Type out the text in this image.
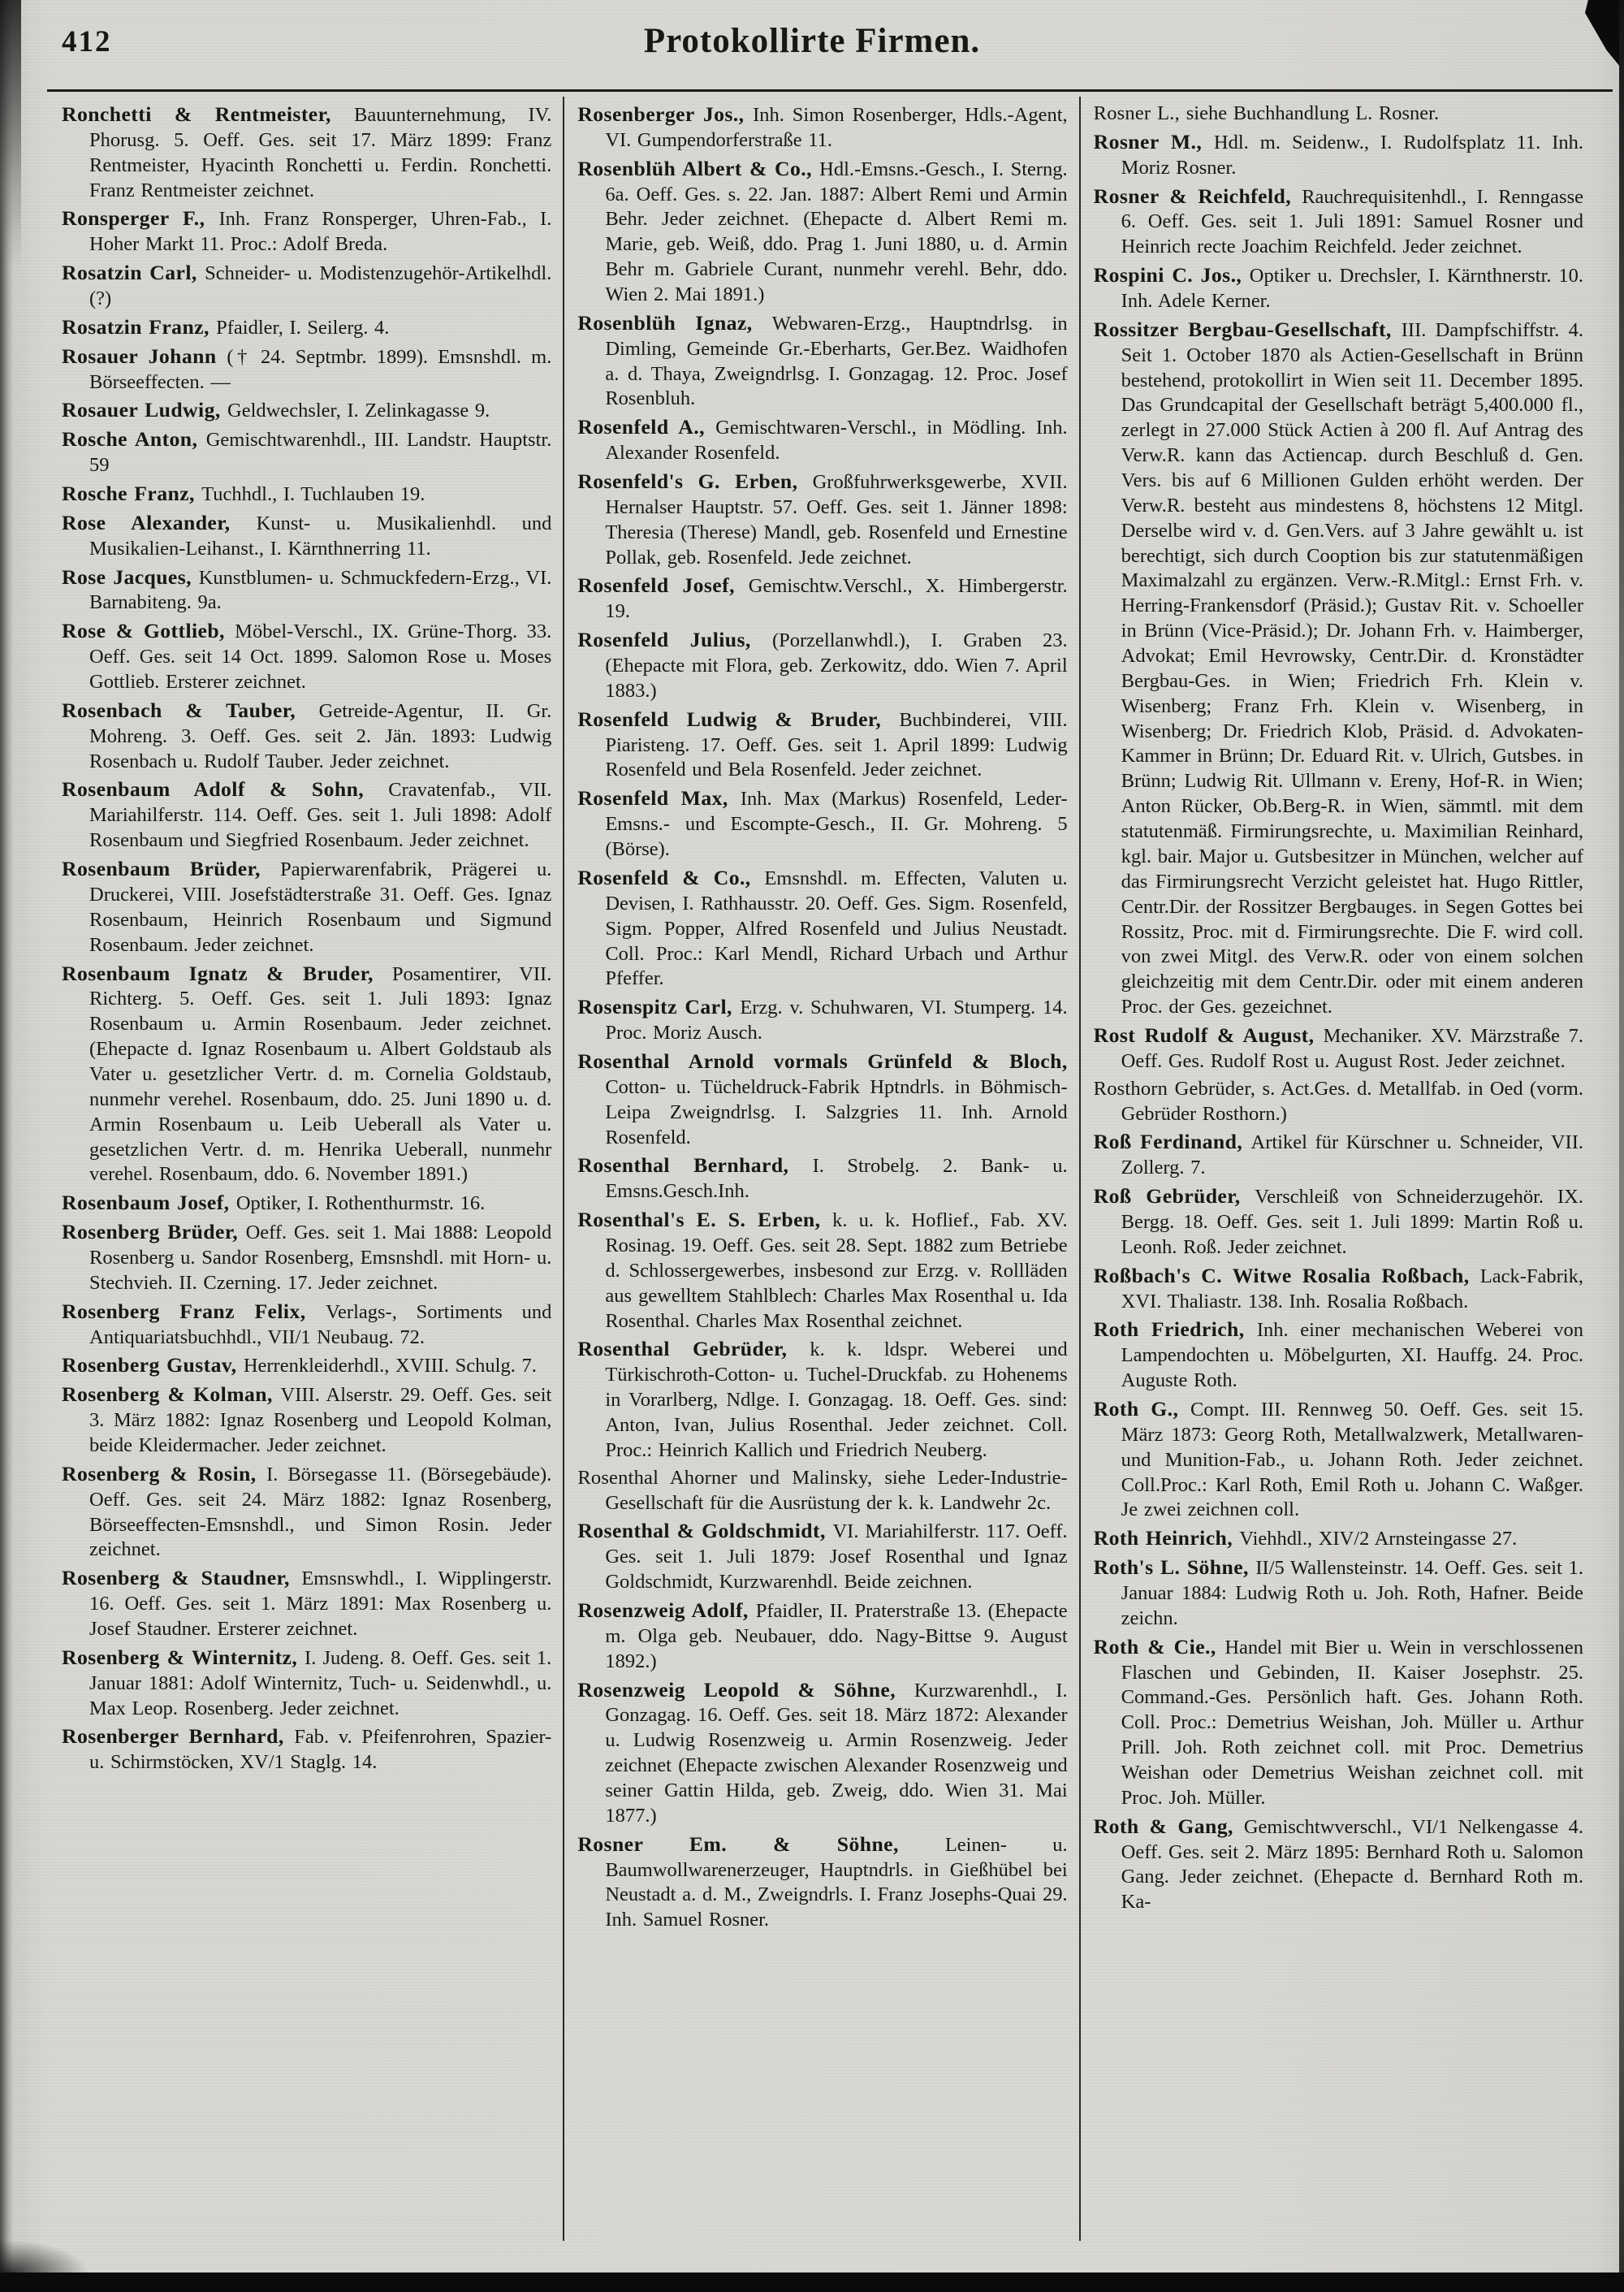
412	Protokollirte Firmen.

Ronchetti & Rentmeister, Bauunternehmung, IV. Phorusg. 5. Oeff. Ges. seit 17. März 1899: Franz Rentmeister, Hyacinth Ronchetti u. Ferdin. Ronchetti. Franz Rentmeister zeichnet.

Ronsperger F., Inh. Franz Ronsperger, Uhren-Fab., I. Hoher Markt 11. Proc.: Adolf Breda.

Rosatzin Carl, Schneider- u. Modistenzugehör-Artikelhdl. (?)

Rosatzin Franz, Pfaidler, I. Seilerg. 4.

Rosauer Johann († 24. Septmbr. 1899). Emsnshdl. m. Börseeffecten. —

Rosauer Ludwig, Geldwechsler, I. Zelinkagasse 9.

Rosche Anton, Gemischtwarenhdl., III. Landstr. Hauptstr. 59

Rosche Franz, Tuchhdl., I. Tuchlauben 19.

Rose Alexander, Kunst- u. Musikalienhdl. und Musikalien-Leihanst., I. Kärnthnerring 11.

Rose Jacques, Kunstblumen- u. Schmuckfedern-Erzg., VI. Barnabiteng. 9a.

Rose & Gottlieb, Möbel-Verschl., IX. Grüne-Thorg. 33. Oeff. Ges. seit 14 Oct. 1899. Salomon Rose u. Moses Gottlieb. Ersterer zeichnet.

Rosenbach & Tauber, Getreide-Agentur, II. Gr. Mohreng. 3. Oeff. Ges. seit 2. Jän. 1893: Ludwig Rosenbach u. Rudolf Tauber. Jeder zeichnet.

Rosenbaum Adolf & Sohn, Cravatenfab., VII. Mariahilferstr. 114. Oeff. Ges. seit 1. Juli 1898: Adolf Rosenbaum und Siegfried Rosenbaum. Jeder zeichnet.

Rosenbaum Brüder, Papierwarenfabrik, Prägerei u. Druckerei, VIII. Josefstädterstraße 31. Oeff. Ges. Ignaz Rosenbaum, Heinrich Rosenbaum und Sigmund Rosenbaum. Jeder zeichnet.

Rosenbaum Ignatz & Bruder, Posamentirer, VII. Richterg. 5. Oeff. Ges. seit 1. Juli 1893: Ignaz Rosenbaum u. Armin Rosenbaum. Jeder zeichnet. (Ehepacte d. Ignaz Rosenbaum u. Albert Goldstaub als Vater u. gesetzlicher Vertr. d. m. Cornelia Goldstaub, nunmehr verehel. Rosenbaum, ddo. 25. Juni 1890 u. d. Armin Rosenbaum u. Leib Ueberall als Vater u. gesetzlichen Vertr. d. m. Henrika Ueberall, nunmehr verehel. Rosenbaum, ddo. 6. November 1891.)

Rosenbaum Josef, Optiker, I. Rothenthurmstr. 16.

Rosenberg Brüder, Oeff. Ges. seit 1. Mai 1888: Leopold Rosenberg u. Sandor Rosenberg, Emsnshdl. mit Horn- u. Stechvieh. II. Czerning. 17. Jeder zeichnet.

Rosenberg Franz Felix, Verlags-, Sortiments und Antiquariatsbuchhdl., VII/1 Neubaug. 72.

Rosenberg Gustav, Herrenkleiderhdl., XVIII. Schulg. 7.

Rosenberg & Kolman, VIII. Alserstr. 29. Oeff. Ges. seit 3. März 1882: Ignaz Rosenberg und Leopold Kolman, beide Kleidermacher. Jeder zeichnet.

Rosenberg & Rosin, I. Börsegasse 11. (Börsegebäude). Oeff. Ges. seit 24. März 1882: Ignaz Rosenberg, Börseeffecten-Emsnshdl., und Simon Rosin. Jeder zeichnet.

Rosenberg & Staudner, Emsnswhdl., I. Wipplingerstr. 16. Oeff. Ges. seit 1. März 1891: Max Rosenberg u. Josef Staudner. Ersterer zeichnet.

Rosenberg & Winternitz, I. Judeng. 8. Oeff. Ges. seit 1. Januar 1881: Adolf Winternitz, Tuch- u. Seidenwhdl., u. Max Leop. Rosenberg. Jeder zeichnet.

Rosenberger Bernhard, Fab. v. Pfeifenrohren, Spazier- u. Schirmstöcken, XV/1 Staglg. 14.

Rosenberger Jos., Inh. Simon Rosenberger, Hdls.-Agent, VI. Gumpendorferstraße 11.

Rosenblüh Albert & Co., Hdl.-Emsns.-Gesch., I. Sterng. 6a. Oeff. Ges. s. 22. Jan. 1887: Albert Remi und Armin Behr. Jeder zeichnet. (Ehepacte d. Albert Remi m. Marie, geb. Weiß, ddo. Prag 1. Juni 1880, u. d. Armin Behr m. Gabriele Curant, nunmehr verehl. Behr, ddo. Wien 2. Mai 1891.)

Rosenblüh Ignaz, Webwaren-Erzg., Hauptndrlsg. in Dimling, Gemeinde Gr.-Eberharts, Ger.Bez. Waidhofen a. d. Thaya, Zweigndrlsg. I. Gonzagag. 12. Proc. Josef Rosenbluh.

Rosenfeld A., Gemischtwaren-Verschl., in Mödling. Inh. Alexander Rosenfeld.

Rosenfeld's G. Erben, Großfuhrwerksgewerbe, XVII. Hernalser Hauptstr. 57. Oeff. Ges. seit 1. Jänner 1898: Theresia (Therese) Mandl, geb. Rosenfeld und Ernestine Pollak, geb. Rosenfeld. Jede zeichnet.

Rosenfeld Josef, Gemischtw.Verschl., X. Himbergerstr. 19.

Rosenfeld Julius, (Porzellanwhdl.), I. Graben 23. (Ehepacte mit Flora, geb. Zerkowitz, ddo. Wien 7. April 1883.)

Rosenfeld Ludwig & Bruder, Buchbinderei, VIII. Piaristeng. 17. Oeff. Ges. seit 1. April 1899: Ludwig Rosenfeld und Bela Rosenfeld. Jeder zeichnet.

Rosenfeld Max, Inh. Max (Markus) Rosenfeld, Leder-Emsns.- und Escompte-Gesch., II. Gr. Mohreng. 5 (Börse).

Rosenfeld & Co., Emsnshdl. m. Effecten, Valuten u. Devisen, I. Rathhausstr. 20. Oeff. Ges. Sigm. Rosenfeld, Sigm. Popper, Alfred Rosenfeld und Julius Neustadt. Coll. Proc.: Karl Mendl, Richard Urbach und Arthur Pfeffer.

Rosenspitz Carl, Erzg. v. Schuhwaren, VI. Stumperg. 14. Proc. Moriz Ausch.

Rosenthal Arnold vormals Grünfeld & Bloch, Cotton- u. Tücheldruck-Fabrik Hptndrls. in Böhmisch-Leipa Zweigndrlsg. I. Salzgries 11. Inh. Arnold Rosenfeld.

Rosenthal Bernhard, I. Strobelg. 2. Bank- u. Emsns.Gesch.Inh.

Rosenthal's E. S. Erben, k. u. k. Hoflief., Fab. XV. Rosinag. 19. Oeff. Ges. seit 28. Sept. 1882 zum Betriebe d. Schlossergewerbes, insbesond zur Erzg. v. Rollläden aus gewelltem Stahlblech: Charles Max Rosenthal u. Ida Rosenthal. Charles Max Rosenthal zeichnet.

Rosenthal Gebrüder, k. k. ldspr. Weberei und Türkischroth-Cotton- u. Tuchel-Druckfab. zu Hohenems in Vorarlberg, Ndlge. I. Gonzagag. 18. Oeff. Ges. sind: Anton, Ivan, Julius Rosenthal. Jeder zeichnet. Coll. Proc.: Heinrich Kallich und Friedrich Neuberg.

Rosenthal Ahorner und Malinsky, siehe Leder-Industrie-Gesellschaft für die Ausrüstung der k. k. Landwehr 2c.

Rosenthal & Goldschmidt, VI. Mariahilferstr. 117. Oeff. Ges. seit 1. Juli 1879: Josef Rosenthal und Ignaz Goldschmidt, Kurzwarenhdl. Beide zeichnen.

Rosenzweig Adolf, Pfaidler, II. Praterstraße 13. (Ehepacte m. Olga geb. Neubauer, ddo. Nagy-Bittse 9. August 1892.)

Rosenzweig Leopold & Söhne, Kurzwarenhdl., I. Gonzagag. 16. Oeff. Ges. seit 18. März 1872: Alexander u. Ludwig Rosenzweig u. Armin Rosenzweig. Jeder zeichnet (Ehepacte zwischen Alexander Rosenzweig und seiner Gattin Hilda, geb. Zweig, ddo. Wien 31. Mai 1877.)

Rosner Em. & Söhne, Leinen- u. Baumwollwarenerzeuger, Hauptndrls. in Gießhübel bei Neustadt a. d. M., Zweigndrls. I. Franz Josephs-Quai 29. Inh. Samuel Rosner.

Rosner L., siehe Buchhandlung L. Rosner.

Rosner M., Hdl. m. Seidenw., I. Rudolfsplatz 11. Inh. Moriz Rosner.

Rosner & Reichfeld, Rauchrequisitenhdl., I. Renngasse 6. Oeff. Ges. seit 1. Juli 1891: Samuel Rosner und Heinrich recte Joachim Reichfeld. Jeder zeichnet.

Rospini C. Jos., Optiker u. Drechsler, I. Kärnthnerstr. 10. Inh. Adele Kerner.

Rossitzer Bergbau-Gesellschaft, III. Dampfschiffstr. 4. Seit 1. October 1870 als Actien-Gesellschaft in Brünn bestehend, protokollirt in Wien seit 11. December 1895. Das Grundcapital der Gesellschaft beträgt 5,400.000 fl., zerlegt in 27.000 Stück Actien à 200 fl. Auf Antrag des Verw.R. kann das Actiencap. durch Beschluß d. Gen. Vers. bis auf 6 Millionen Gulden erhöht werden. Der Verw.R. besteht aus mindestens 8, höchstens 12 Mitgl. Derselbe wird v. d. Gen.Vers. auf 3 Jahre gewählt u. ist berechtigt, sich durch Cooption bis zur statutenmäßigen Maximalzahl zu ergänzen. Verw.-R.Mitgl.: Ernst Frh. v. Herring-Frankensdorf (Präsid.); Gustav Rit. v. Schoeller in Brünn (Vice-Präsid.); Dr. Johann Frh. v. Haimberger, Advokat; Emil Hevrowsky, Centr.Dir. d. Kronstädter Bergbau-Ges. in Wien; Friedrich Frh. Klein v. Wisenberg; Franz Frh. Klein v. Wisenberg, in Wisenberg; Dr. Friedrich Klob, Präsid. d. Advokaten-Kammer in Brünn; Dr. Eduard Rit. v. Ulrich, Gutsbes. in Brünn; Ludwig Rit. Ullmann v. Ereny, Hof-R. in Wien; Anton Rücker, Ob.Berg-R. in Wien, sämmtl. mit dem statutenmäß. Firmirungsrechte, u. Maximilian Reinhard, kgl. bair. Major u. Gutsbesitzer in München, welcher auf das Firmirungsrecht Verzicht geleistet hat. Hugo Rittler, Centr.Dir. der Rossitzer Bergbauges. in Segen Gottes bei Rossitz, Proc. mit d. Firmirungsrechte. Die F. wird coll. von zwei Mitgl. des Verw.R. oder von einem solchen gleichzeitig mit dem Centr.Dir. oder mit einem anderen Proc. der Ges. gezeichnet.

Rost Rudolf & August, Mechaniker. XV. Märzstraße 7. Oeff. Ges. Rudolf Rost u. August Rost. Jeder zeichnet.

Rosthorn Gebrüder, s. Act.Ges. d. Metallfab. in Oed (vorm. Gebrüder Rosthorn.)

Roß Ferdinand, Artikel für Kürschner u. Schneider, VII. Zollerg. 7.

Roß Gebrüder, Verschleiß von Schneiderzugehör. IX. Bergg. 18. Oeff. Ges. seit 1. Juli 1899: Martin Roß u. Leonh. Roß. Jeder zeichnet.

Roßbach's C. Witwe Rosalia Roßbach, Lack-Fabrik, XVI. Thaliastr. 138. Inh. Rosalia Roßbach.

Roth Friedrich, Inh. einer mechanischen Weberei von Lampendochten u. Möbelgurten, XI. Hauffg. 24. Proc. Auguste Roth.

Roth G., Compt. III. Rennweg 50. Oeff. Ges. seit 15. März 1873: Georg Roth, Metallwalzwerk, Metallwaren- und Munition-Fab., u. Johann Roth. Jeder zeichnet. Coll.Proc.: Karl Roth, Emil Roth u. Johann C. Waßger. Je zwei zeichnen coll.

Roth Heinrich, Viehhdl., XIV/2 Arnsteingasse 27.

Roth's L. Söhne, II/5 Wallensteinstr. 14. Oeff. Ges. seit 1. Januar 1884: Ludwig Roth u. Joh. Roth, Hafner. Beide zeichn.

Roth & Cie., Handel mit Bier u. Wein in verschlossenen Flaschen und Gebinden, II. Kaiser Josephstr. 25. Command.-Ges. Persönlich haft. Ges. Johann Roth. Coll. Proc.: Demetrius Weishan, Joh. Müller u. Arthur Prill. Joh. Roth zeichnet coll. mit Proc. Demetrius Weishan oder Demetrius Weishan zeichnet coll. mit Proc. Joh. Müller.

Roth & Gang, Gemischtwverschl., VI/1 Nelkengasse 4. Oeff. Ges. seit 2. März 1895: Bernhard Roth u. Salomon Gang. Jeder zeichnet. (Ehepacte d. Bernhard Roth m. Ka-
